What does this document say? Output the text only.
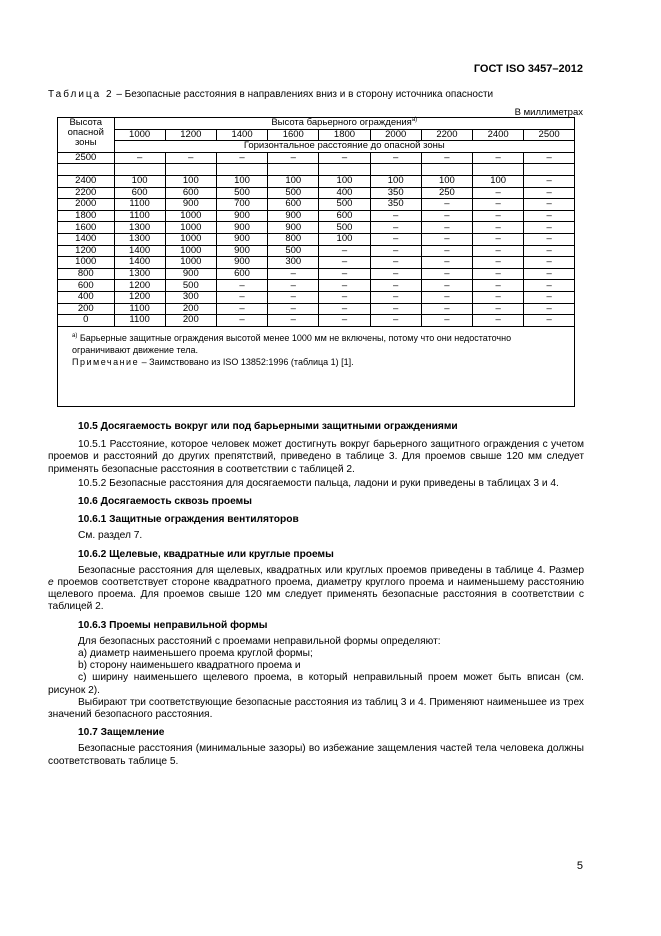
ГОСТ ISO 3457–2012
Таблица 2 – Безопасные расстояния в направлениях вниз и в сторону источника опасности
В миллиметрах
Высота опасной зоны	Высота барьерного ограждения$^{а)}$
	1000	1200	1400	1600	1800	2000	2200	2400	2500
	Горизонтальное расстояние до опасной зоны								
2500	–	–	–	–	–	–	–	–	–

2400	100	100	100	100	100	100	100	100	–
2200	600	600	500	500	400	350	250	–	–
2000	1100	900	700	600	500	350	–	–	–
1800	1100	1000	900	900	600	–	–	–	–
1600	1300	1000	900	900	500	–	–	–	–
1400	1300	1000	900	800	100	–	–	–	–
1200	1400	1000	900	500	–	–	–	–	–
1000	1400	1000	900	300	–	–	–	–	–
800	1300	900	600	–	–	–	–	–	–
600	1200	500	–	–	–	–	–	–	–
400	1200	300	–	–	–	–	–	–	–
200	1100	200	–	–	–	–	–	–	–
0	1100	200	–	–	–	–	–	–	–
$^{а)}$ Барьерные защитные ограждения высотой менее 1000 мм не включены, потому что они недостаточно ограничивают движение тела.
Примечание – Заимствовано из ISO 13852:1996 (таблица 1) [1].

10.5 Досягаемость вокруг или под барьерными защитными ограждениями

10.5.1 Расстояние, которое человек может достигнуть вокруг барьерного защитного ограждения с учетом проемов и расстояний до других препятствий, приведено в таблице 3. Для проемов свыше 120 мм следует применять безопасные расстояния в соответствии с таблицей 2.

10.5.2 Безопасные расстояния для досягаемости пальца, ладони и руки приведены в таблицах 3 и 4.

10.6 Досягаемость сквозь проемы

10.6.1 Защитные ограждения вентиляторов

См. раздел 7.

10.6.2 Щелевые, квадратные или круглые проемы

Безопасные расстояния для щелевых, квадратных или круглых проемов приведены в таблице 4. Размер e проемов соответствует стороне квадратного проема, диаметру круглого проема и наименьшему расстоянию щелевого проема. Для проемов свыше 120 мм следует применять безопасные расстояния в соответствии с таблицей 2.

10.6.3 Проемы неправильной формы

Для безопасных расстояний с проемами неправильной формы определяют:

а) диаметр наименьшего проема круглой формы;

b) сторону наименьшего квадратного проема и

с) ширину наименьшего щелевого проема, в который неправильный проем может быть вписан (см. рисунок 2).

Выбирают три соответствующие безопасные расстояния из таблиц 3 и 4. Применяют наименьшее из трех значений безопасного расстояния.

10.7 Защемление

Безопасные расстояния (минимальные зазоры) во избежание защемления частей тела человека должны соответствовать таблице 5.

5
